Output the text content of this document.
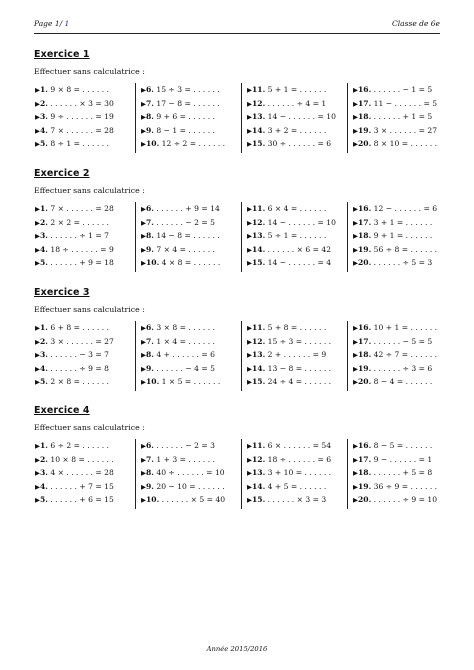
Page 1/ 1	Classe de 6e
Exercice 1
Effectuer sans calculatrice :
▶1. 9 × 8 = . . . . . .
▶2. . . . . . . × 3 = 30
▶3. 9 ÷ . . . . . . = 19
▶4. 7 × . . . . . . = 28
▶5. 8 ÷ 1 = . . . . . .
▶6. 15 ÷ 3 = . . . . . .
▶7. 17 − 8 = . . . . . .
▶8. 9 + 6 = . . . . . .
▶9. 8 − 1 = . . . . . .
▶10. 12 ÷ 2 = . . . . . .
▶11. 5 + 1 = . . . . . .
▶12. . . . . . . ÷ 4 = 1
▶13. 14 − . . . . . . = 10
▶14. 3 + 2 = . . . . . .
▶15. 30 ÷ . . . . . . = 6
▶16. . . . . . . − 1 = 5
▶17. 11 − . . . . . . = 5
▶18. . . . . . . + 1 = 5
▶19. 3 × . . . . . . = 27
▶20. 8 × 10 = . . . . . .
Exercice 2
Effectuer sans calculatrice :
▶1. 7 × . . . . . . = 28
▶2. 2 × 2 = . . . . . .
▶3. . . . . . . ÷ 1 = 7
▶4. 18 ÷ . . . . . . = 9
▶5. . . . . . . + 9 = 18
▶6. . . . . . . + 9 = 14
▶7. . . . . . . − 2 = 5
▶8. 14 − 8 = . . . . . .
▶9. 7 × 4 = . . . . . .
▶10. 4 × 8 = . . . . . .
▶11. 6 × 4 = . . . . . .
▶12. 14 − . . . . . . = 10
▶13. 5 ÷ 1 = . . . . . .
▶14. . . . . . . × 6 = 42
▶15. 14 − . . . . . . = 4
▶16. 12 − . . . . . . = 6
▶17. 3 + 1 = . . . . . .
▶18. 9 + 1 = . . . . . .
▶19. 56 ÷ 8 = . . . . . .
▶20. . . . . . . ÷ 5 = 3
Exercice 3
Effectuer sans calculatrice :
▶1. 6 + 8 = . . . . . .
▶2. 3 × . . . . . . = 27
▶3. . . . . . . − 3 = 7
▶4. . . . . . . ÷ 9 = 8
▶5. 2 × 8 = . . . . . .
▶6. 3 × 8 = . . . . . .
▶7. 1 × 4 = . . . . . .
▶8. 4 + . . . . . . = 6
▶9. . . . . . . − 4 = 5
▶10. 1 × 5 = . . . . . .
▶11. 5 + 8 = . . . . . .
▶12. 15 ÷ 3 = . . . . . .
▶13. 2 + . . . . . . = 9
▶14. 13 − 8 = . . . . . .
▶15. 24 ÷ 4 = . . . . . .
▶16. 10 + 1 = . . . . . .
▶17. . . . . . . − 5 = 5
▶18. 42 ÷ 7 = . . . . . .
▶19. . . . . . . ÷ 3 = 6
▶20. 8 − 4 = . . . . . .
Exercice 4
Effectuer sans calculatrice :
▶1. 6 ÷ 2 = . . . . . .
▶2. 10 × 8 = . . . . . .
▶3. 4 × . . . . . . = 28
▶4. . . . . . . + 7 = 15
▶5. . . . . . . + 6 = 15
▶6. . . . . . . − 2 = 3
▶7. 1 + 3 = . . . . . .
▶8. 40 ÷ . . . . . . = 10
▶9. 20 − 10 = . . . . . .
▶10. . . . . . . × 5 = 40
▶11. 6 × . . . . . . = 54
▶12. 18 ÷ . . . . . . = 6
▶13. 3 + 10 = . . . . . .
▶14. 4 + 5 = . . . . . .
▶15. . . . . . . × 3 = 3
▶16. 8 − 5 = . . . . . .
▶17. 9 − . . . . . . = 1
▶18. . . . . . . + 5 = 8
▶19. 36 ÷ 9 = . . . . . .
▶20. . . . . . . ÷ 9 = 10
Année 2015/2016
